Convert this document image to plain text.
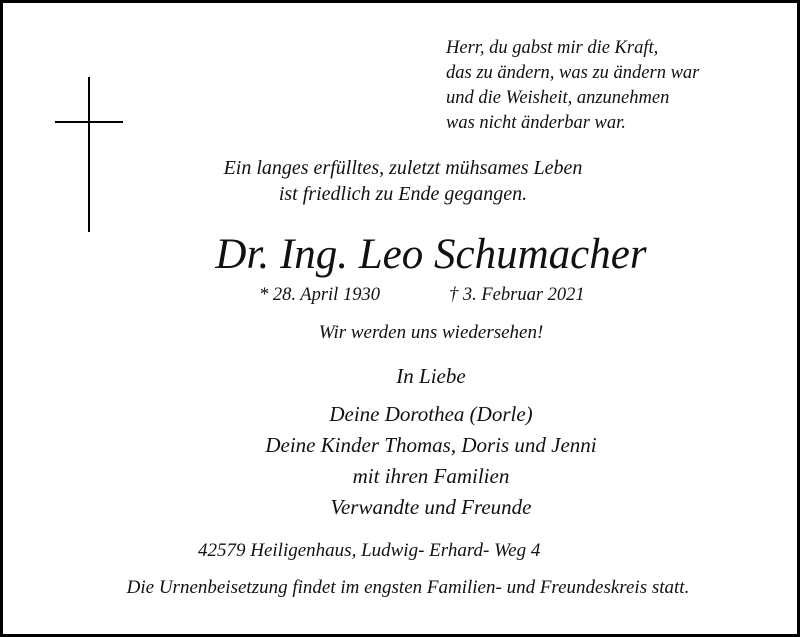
Herr, du gabst mir die Kraft,
das zu ändern, was zu ändern war
und die Weisheit, anzunehmen
was nicht änderbar war.
Ein langes erfülltes, zuletzt mühsames Leben
ist friedlich zu Ende gegangen.
Dr. Ing. Leo Schumacher
* 28. April 1930	† 3. Februar 2021
Wir werden uns wiedersehen!
In Liebe
Deine Dorothea (Dorle)
Deine Kinder Thomas, Doris und Jenni
mit ihren Familien
Verwandte und Freunde
42579 Heiligenhaus, Ludwig- Erhard- Weg 4
Die Urnenbeisetzung findet im engsten Familien- und Freundeskreis statt.
